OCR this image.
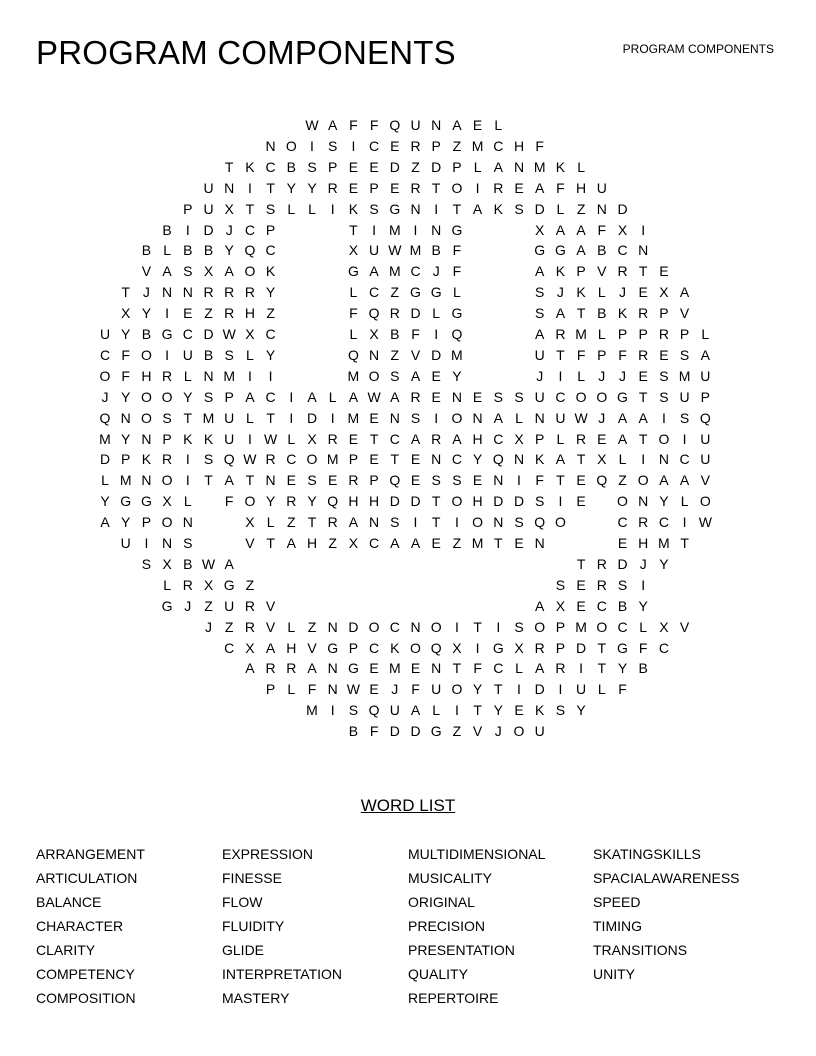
PROGRAM COMPONENTS	PROGRAM COMPONENTS
W A F F Q U N A E L
N O I	S	I C E R P Z M C H F
T K C B S P E E D Z D P L A N M K L
U N I	T Y Y R E P E R T O I R E A F H U
P U X T S L L	I	K S G N I	T A K S D L Z N D
B	I D J C P	T	I M I N G	X A A F X	I
B L B B Y Q C	X U W M B F	G G A B C N
V A S X A O K	G A M C J F	A K P V R T E
T J N N R R R Y	L C Z G G L	S J K L J E X A
X Y	I	E Z R H Z	F Q R D L G	S A T B K R P V
U Y B G C D W X C	L X B F	I Q	A R M L P P R P L
C F O I U B S L Y	Q N Z V D M	U T F P F R E S A
O F H R L N M I	I	M O S A E Y	J	I	L J J E S M U
J Y O O Y S P A C I	A L A W A R E N E S S U C O O G T S U P
Q N O S T M U L T	I D I M E N S	I O N A L N U W J A A	I	S Q
M Y N P K K U I W L X R E T C A R A H C X P L R E A T O I U
D P K R I	S Q W R C O M P E T E N C Y Q N K A T X L	I N C U
L M N O I	T A T N E S E R P Q E S S E N I	F T E Q Z O A A V
Y G G X L	F O Y R Y Q H H D D T O H D D S	I	E	O N Y L O
A Y P O N	X L Z T R A N S	I	T	I O N S Q O	C R C I W
U I N S	V T A H Z X C A A E Z M T E N	E H M T
S X B W A	T R D J Y
L R X G Z	S E R S	I
G J Z U R V	A X E C B Y
J Z R V L Z N D O C N O I	T	I	S O P M O C L X V
C X A H V G P C K O Q X	I G X R P D T G F C
A R R A N G E M E N T F C L A R I	T Y B
P L F N W E J F U O Y T	I D I U L F
M I	S Q U A L	I	T Y E K S Y
B F D D G Z V J O U
WORD LIST
ARRANGEMENT
ARTICULATION
BALANCE
CHARACTER
CLARITY
COMPETENCY
COMPOSITION
EXPRESSION
FINESSE
FLOW
FLUIDITY
GLIDE
INTERPRETATION
MASTERY
MULTIDIMENSIONAL
MUSICALITY
ORIGINAL
PRECISION
PRESENTATION
QUALITY
REPERTOIRE
SKATINGSKILLS
SPACIALAWARENESS
SPEED
TIMING
TRANSITIONS
UNITY
